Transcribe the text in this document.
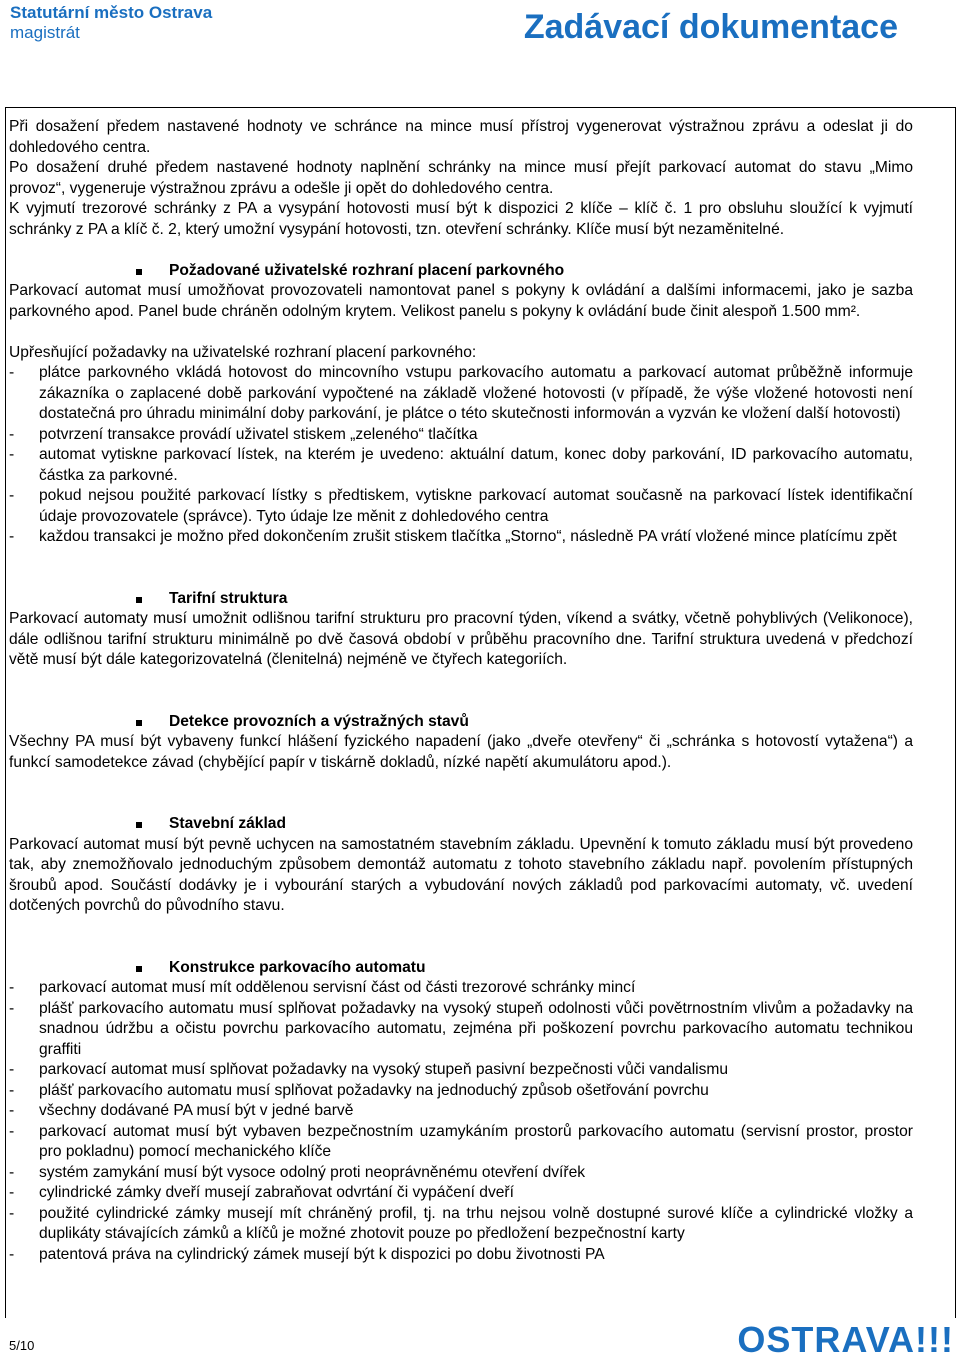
Statutární město Ostrava
magistrát	Zadávací dokumentace

Při dosažení předem nastavené hodnoty ve schránce na mince musí přístroj vygenerovat výstražnou zprávu a odeslat ji do dohledového centra.

Po dosažení druhé předem nastavené hodnoty naplnění schránky na mince musí přejít parkovací automat do stavu „Mimo provoz“, vygeneruje výstražnou zprávu a odešle ji opět do dohledového centra.

K vyjmutí trezorové schránky z PA a vysypání hotovosti musí být k dispozici 2 klíče – klíč č. 1 pro obsluhu sloužící k vyjmutí schránky z PA a klíč č. 2, který umožní vysypání hotovosti, tzn. otevření schránky. Klíče musí být nezaměnitelné.

Požadované uživatelské rozhraní placení parkovného

Parkovací automat musí umožňovat provozovateli namontovat panel s pokyny k ovládání a dalšími informacemi, jako je sazba parkovného apod. Panel bude chráněn odolným krytem. Velikost panelu s pokyny k ovládání bude činit alespoň 1.500 mm².

Upřesňující požadavky na uživatelské rozhraní placení parkovného:

- plátce parkovného vkládá hotovost do mincovního vstupu parkovacího automatu a parkovací automat průběžně informuje zákazníka o zaplacené době parkování vypočtené na základě vložené hotovosti (v případě, že výše vložené hotovosti není dostatečná pro úhradu minimální doby parkování, je plátce o této skutečnosti informován a vyzván ke vložení další hotovosti)
- potvrzení transakce provádí uživatel stiskem „zeleného“ tlačítka
- automat vytiskne parkovací lístek, na kterém je uvedeno: aktuální datum, konec doby parkování, ID parkovacího automatu, částka za parkovné.
- pokud nejsou použité parkovací lístky s předtiskem, vytiskne parkovací automat současně na parkovací lístek identifikační údaje provozovatele (správce). Tyto údaje lze měnit z dohledového centra
- každou transakci je možno před dokončením zrušit stiskem tlačítka „Storno“, následně PA vrátí vložené mince platícímu zpět
Tarifní struktura

Parkovací automaty musí umožnit odlišnou tarifní strukturu pro pracovní týden, víkend a svátky, včetně pohyblivých (Velikonoce), dále odlišnou tarifní strukturu minimálně po dvě časová období v průběhu pracovního dne. Tarifní struktura uvedená v předchozí větě musí být dále kategorizovatelná (členitelná) nejméně ve čtyřech kategoriích.

Detekce provozních a výstražných stavů

Všechny PA musí být vybaveny funkcí hlášení fyzického napadení (jako „dveře otevřeny“ či „schránka s hotovostí vytažena“) a funkcí samodetekce závad (chybějící papír v tiskárně dokladů, nízké napětí akumulátoru apod.).

Stavební základ

Parkovací automat musí být pevně uchycen na samostatném stavebním základu. Upevnění k tomuto základu musí být provedeno tak, aby znemožňovalo jednoduchým způsobem demontáž automatu z tohoto stavebního základu např. povolením přístupných šroubů apod. Součástí dodávky je i vybourání starých a vybudování nových základů pod parkovacími automaty, vč. uvedení dotčených povrchů do původního stavu.

Konstrukce parkovacího automatu
- parkovací automat musí mít oddělenou servisní část od části trezorové schránky mincí
- plášť parkovacího automatu musí splňovat požadavky na vysoký stupeň odolnosti vůči povětrnostním vlivům a požadavky na snadnou údržbu a očistu povrchu parkovacího automatu, zejména při poškození povrchu parkovacího automatu technikou graffiti
- parkovací automat musí splňovat požadavky na vysoký stupeň pasivní bezpečnosti vůči vandalismu
- plášť parkovacího automatu musí splňovat požadavky na jednoduchý způsob ošetřování povrchu
- všechny dodávané PA musí být v jedné barvě
- parkovací automat musí být vybaven bezpečnostním uzamykáním prostorů parkovacího automatu (servisní prostor, prostor pro pokladnu) pomocí mechanického klíče
- systém zamykání musí být vysoce odolný proti neoprávněnému otevření dvířek
- cylindrické zámky dveří musejí zabraňovat odvrtání či vypáčení dveří
- použité cylindrické zámky musejí mít chráněný profil, tj. na trhu nejsou volně dostupné surové klíče a cylindrické vložky a duplikáty stávajících zámků a klíčů je možné zhotovit pouze po předložení bezpečnostní karty
- patentová práva na cylindrický zámek musejí být k dispozici po dobu životnosti PA
5/10	OSTRAVA!!!
